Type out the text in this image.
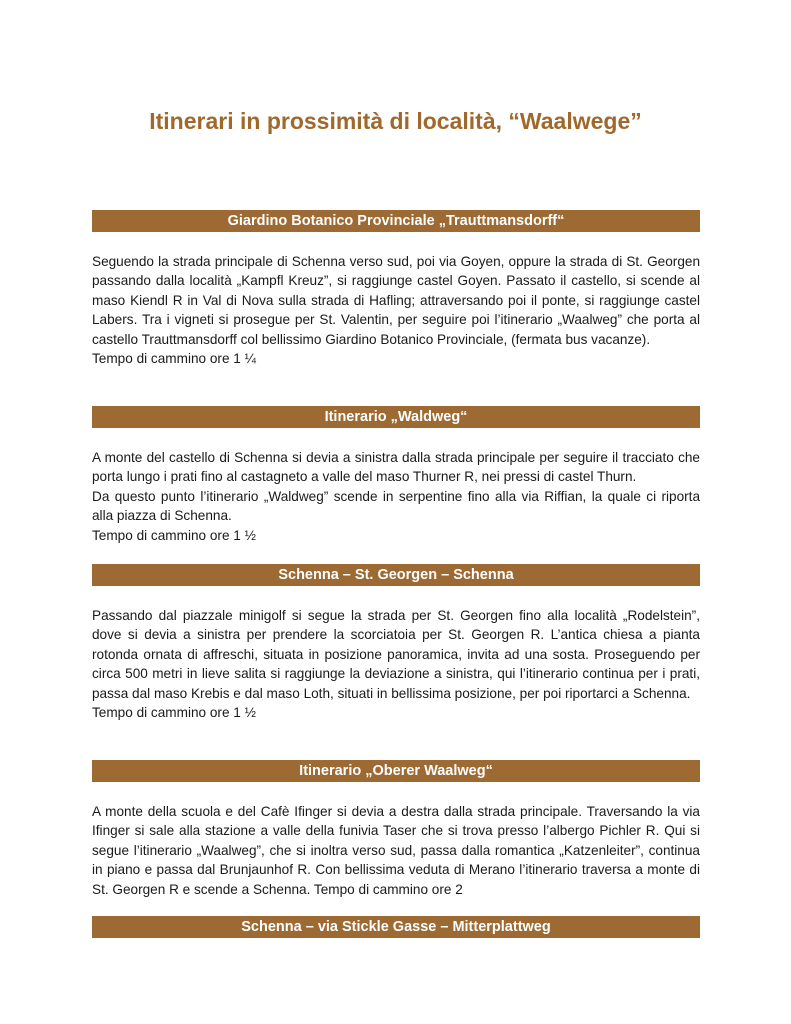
Itinerari in prossimità di località, “Waalwege”
Giardino Botanico Provinciale „Trauttmansdorff“

Seguendo la strada principale di Schenna verso sud, poi via Goyen, oppure la strada di St. Georgen passando dalla località „Kampfl Kreuz”, si raggiunge castel Goyen. Passato il castello, si scende al maso Kiendl R in Val di Nova sulla strada di Hafling; attraversando poi il ponte, si raggiunge castel Labers. Tra i vigneti si prosegue per St. Valentin, per seguire poi l’itinerario „Waalweg” che porta al castello Trauttmansdorff col bellissimo Giardino Botanico Provinciale, (fermata bus vacanze).

Tempo di cammino ore 1 ¼

Itinerario „Waldweg“

A monte del castello di Schenna si devia a sinistra dalla strada principale per seguire il tracciato che porta lungo i prati fino al castagneto a valle del maso Thurner R, nei pressi di castel Thurn.

Da questo punto l’itinerario „Waldweg” scende in serpentine fino alla via Riffian, la quale ci riporta alla piazza di Schenna.

Tempo di cammino ore 1 ½

Schenna – St. Georgen – Schenna

Passando dal piazzale minigolf si segue la strada per St. Georgen fino alla località „Rodelstein”, dove si devia a sinistra per prendere la scorciatoia per St. Georgen R. L’antica chiesa a pianta rotonda ornata di affreschi, situata in posizione panoramica, invita ad una sosta. Proseguendo per circa 500 metri in lieve salita si raggiunge la deviazione a sinistra, qui l’itinerario continua per i prati, passa dal maso Krebis e dal maso Loth, situati in bellissima posizione, per poi riportarci a Schenna.

Tempo di cammino ore 1 ½

Itinerario „Oberer Waalweg“

A monte della scuola e del Cafè Ifinger si devia a destra dalla strada principale. Traversando la via Ifinger si sale alla stazione a valle della funivia Taser che si trova presso l’albergo Pichler R. Qui si segue l’itinerario „Waalweg”, che si inoltra verso sud, passa dalla romantica „Katzenleiter”, continua in piano e passa dal Brunjaunhof R. Con bellissima veduta di Merano l’itinerario traversa a monte di St. Georgen R e scende a Schenna. Tempo di cammino ore 2

Schenna – via Stickle Gasse – Mitterplattweg
